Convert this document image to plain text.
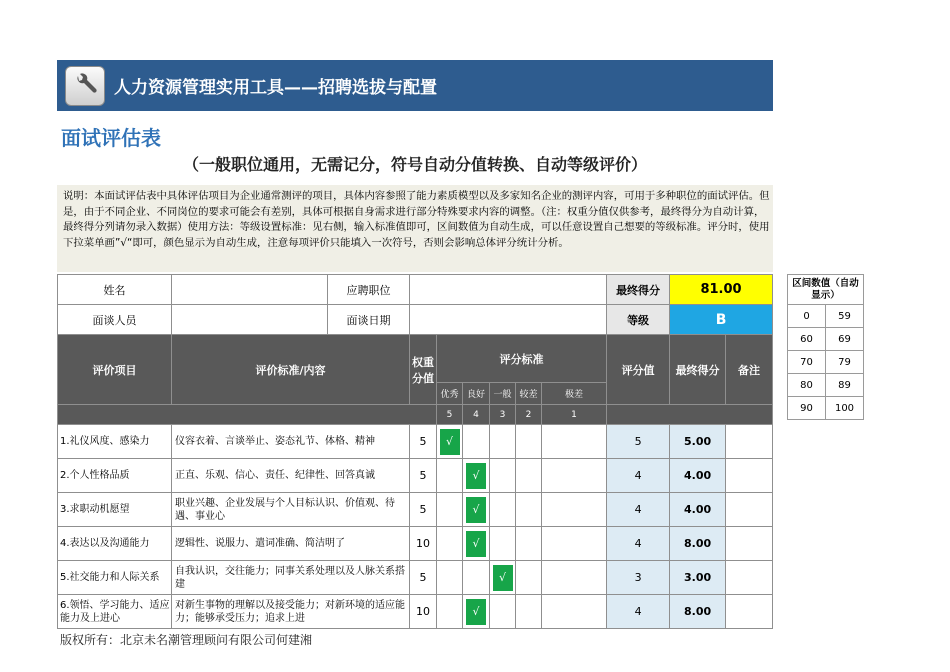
人力资源管理实用工具——招聘选拔与配置
面试评估表
（一般职位通用，无需记分，符号自动分值转换、自动等级评价）
说明：本面试评估表中具体评估项目为企业通常测评的项目，具体内容参照了能力素质模型以及多家知名企业的测评内容，可用于多种职位的面试评估。但是，由于不同企业、不同岗位的要求可能会有差别，具体可根据自身需求进行部分特殊要求内容的调整。（注：权重分值仅供参考，最终得分为自动计算，最终得分列请勿录入数据）使用方法：等级设置标准：见右侧，输入标准值即可，区间数值为自动生成，可以任意设置自己想要的等级标准。评分时，使用下拉菜单画”√“即可，颜色显示为自动生成，注意每项评价只能填入一次符号，否则会影响总体评分统计分析。
姓名		应聘职位							最终得分	81.00	
面谈人员		面谈日期							等级	B	
评价项目	评价标准/内容		权重分值	评分标准					评分值	最终得分	备注
				优秀	良好	一般	较差	极差			
				5	4	3	2	1			
1.礼仪风度、感染力	仪容衣着、言谈举止、姿态礼节、体格、精神		5	√					5	5.00	
2.个人性格品质	正直、乐观、信心、责任、纪律性、回答真诚		5		√				4	4.00	
3.求职动机愿望	职业兴趣、企业发展与个人目标认识、价值观、待遇、事业心		5		√				4	4.00	
4.表达以及沟通能力	逻辑性、说服力、遣词准确、简洁明了		10		√				4	8.00	
5.社交能力和人际关系	自我认识，交往能力；同事关系处理以及人脉关系搭建		5			√			3	3.00	
6.领悟、学习能力、适应能力及上进心	对新生事物的理解以及接受能力；对新环境的适应能力；能够承受压力；追求上进		10		√				4	8.00	
区间数值（自动显示）	
0	59
60	69
70	79
80	89
90	100
版权所有：北京未名潮管理顾问有限公司何建湘
